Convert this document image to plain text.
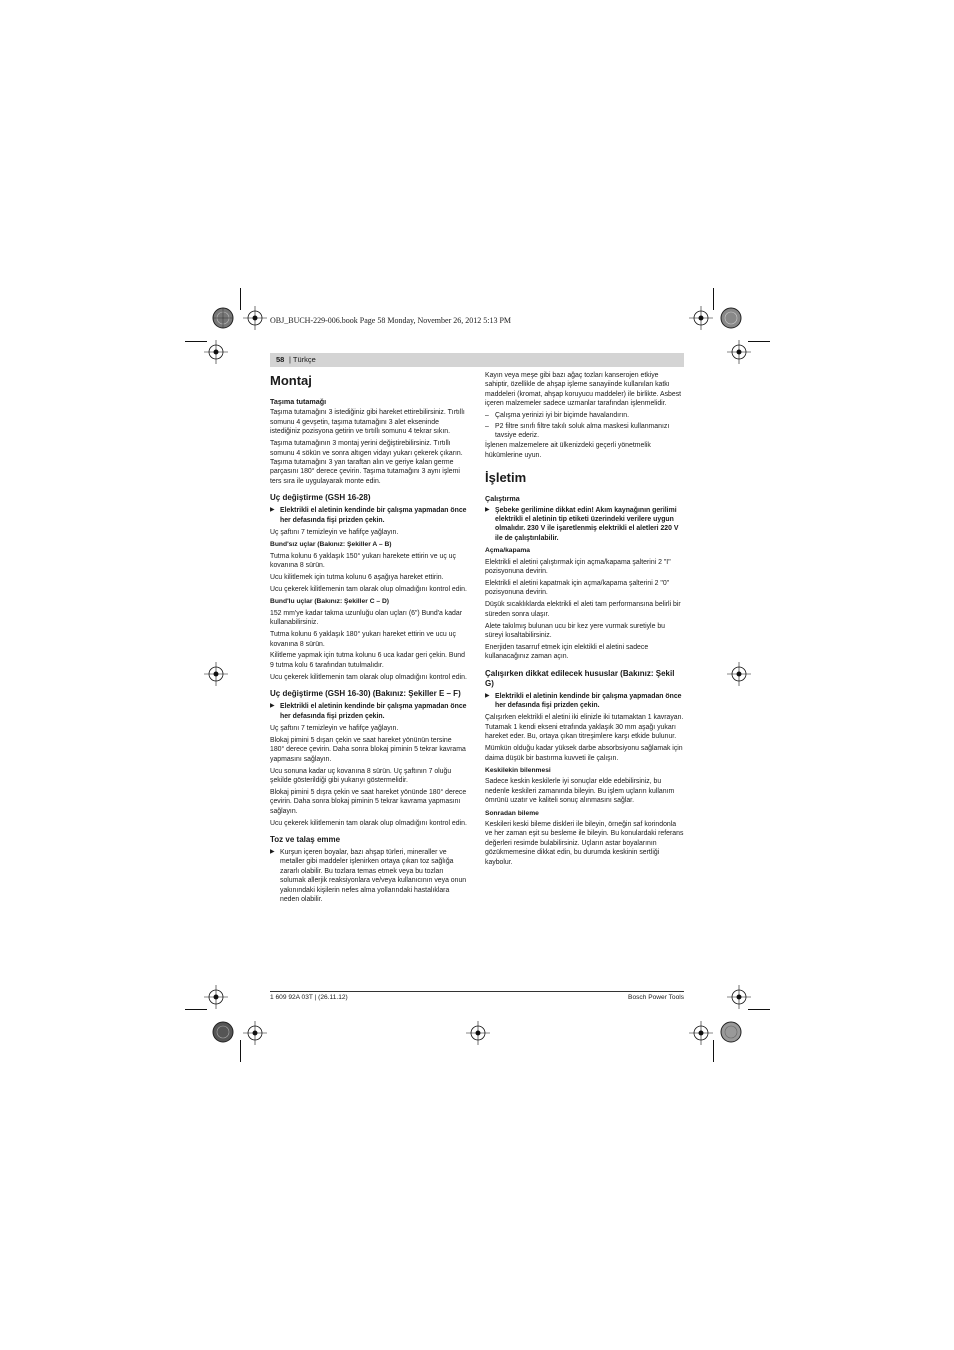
OBJ_BUCH-229-006.book Page 58 Monday, November 26, 2012 5:13 PM
58 | Türkçe
Montaj
Taşıma tutamağı

Taşıma tutamağını 3 istediğiniz gibi hareket ettirebilirsiniz. Tırtıllı somunu 4 gevşetin, taşıma tutamağını 3 alet ekseninde istediğiniz pozisyona getirin ve tırtıllı somunu 4 tekrar sıkın.

Taşıma tutamağının 3 montaj yerini değiştirebilirsiniz. Tırtıllı somunu 4 sökün ve sonra altıgen vidayı yukarı çekerek çıkarın. Taşıma tutamağını 3 yan taraftan alın ve geriye kalan germe parçasını 180° derece çevirin. Taşıma tutamağını 3 aynı işlemi ters sıra ile uygulayarak monte edin.

Uç değiştirme (GSH 16-28)
▶ Elektrikli el aletinin kendinde bir çalışma yapmadan önce her defasında fişi prizden çekin.

Uç şaftını 7 temizleyin ve hafifçe yağlayın.

Bund'sız uçlar (Bakınız: Şekiller A – B)

Tutma kolunu 6 yaklaşık 150° yukarı harekete ettirin ve uç uç kovanına 8 sürün.

Ucu kilitlemek için tutma kolunu 6 aşağıya hareket ettirin.

Ucu çekerek kilitlemenin tam olarak olup olmadığını kontrol edin.

Bund'lu uçlar (Bakınız: Şekiller C – D)

152 mm'ye kadar takma uzunluğu olan uçları (6") Bund'a kadar kullanabilirsiniz.

Tutma kolunu 6 yaklaşık 180° yukarı hareket ettirin ve ucu uç kovanına 8 sürün.

Kilitleme yapmak için tutma kolunu 6 uca kadar geri çekin. Bund 9 tutma kolu 6 tarafından tutulmalıdır.

Ucu çekerek kilitlemenin tam olarak olup olmadığını kontrol edin.

Uç değiştirme (GSH 16-30) (Bakınız: Şekiller E – F)
▶ Elektrikli el aletinin kendinde bir çalışma yapmadan önce her defasında fişi prizden çekin.

Uç şaftını 7 temizleyin ve hafifçe yağlayın.

Blokaj pimini 5 dışarı çekin ve saat hareket yönünün tersine 180° derece çevirin. Daha sonra blokaj piminin 5 tekrar kavrama yapmasını sağlayın.

Ucu sonuna kadar uç kovanına 8 sürün. Uç şaftının 7 oluğu şekilde gösterildiği gibi yukarıyı göstermelidir.

Blokaj pimini 5 dışra çekin ve saat hareket yönünde 180° derece çevirin. Daha sonra blokaj piminin 5 tekrar kavrama yapmasını sağlayın.

Ucu çekerek kilitlemenin tam olarak olup olmadığını kontrol edin.

Toz ve talaş emme
▶ Kurşun içeren boyalar, bazı ahşap türleri, mineraller ve metaller gibi maddeler işlenirken ortaya çıkan toz sağlığa zararlı olabilir. Bu tozlara temas etmek veya bu tozları solumak allerjik reaksiyonlara ve/veya kullanıcının veya onun yakınındaki kişilerin nefes alma yollarındaki hastalıklara neden olabilir.

Kayın veya meşe gibi bazı ağaç tozları kanserojen etkiye sahiptir, özellikle de ahşap işleme sanayiinde kullanılan katkı maddeleri (kromat, ahşap koruyucu maddeler) ile birlikte. Asbest içeren malzemeler sadece uzmanlar tarafından işlenmelidir.

– Çalışma yerinizi iyi bir biçimde havalandırın.
– P2 filtre sınıfı filtre takılı soluk alma maskesi kullanmanızı tavsiye ederiz.

İşlenen malzemelere ait ülkenizdeki geçerli yönetmelik hükümlerine uyun.

İşletim
Çalıştırma
▶ Şebeke gerilimine dikkat edin! Akım kaynağının gerilimi elektrikli el aletinin tip etiketi üzerindeki verilere uygun olmalıdır. 230 V ile işaretlenmiş elektrikli el aletleri 220 V ile de çalıştırılabilir.
Açma/kapama

Elektrikli el aletini çalıştırmak için açma/kapama şalterini 2 "I" pozisyonuna devirin.

Elektrikli el aletini kapatmak için açma/kapama şalterini 2 "0" pozisyonuna devirin.

Düşük sıcaklıklarda elektrikli el aleti tam performansına belirli bir süreden sonra ulaşır.

Alete takılmış bulunan ucu bir kez yere vurmak suretiyle bu süreyi kısaltabilirsiniz.

Enerjiden tasarruf etmek için elektikli el aletini sadece kullanacağınız zaman açın.

Çalışırken dikkat edilecek hususlar (Bakınız: Şekil G)
▶ Elektrikli el aletinin kendinde bir çalışma yapmadan önce her defasında fişi prizden çekin.

Çalışırken elektrikli el aletini iki elinizle iki tutamaktan 1 kavrayan. Tutamak 1 kendi ekseni etrafında yaklaşık 30 mm aşağı yukarı hareket eder. Bu, ortaya çıkan titreşimlere karşı etkide bulunur.

Mümkün olduğu kadar yüksek darbe absorbsiyonu sağlamak için daima düşük bir bastırma kuvveti ile çalışın.

Keskilekin bilenmesi

Sadece keskin keskilerle iyi sonuçlar elde edebilirsiniz, bu nedenle keskileri zamanında bileyin. Bu işlem uçların kullanım ömrünü uzatır ve kaliteli sonuç alınmasını sağlar.

Sonradan bileme

Keskileri keski bileme diskleri ile bileyin, örneğin saf korindonla ve her zaman eşit su besleme ile bileyin. Bu konulardaki referans değerleri resimde bulabilirsiniz. Uçların astar boyalarının gözükmemesine dikkat edin, bu durumda keskinin sertliği kaybolur.

1 609 92A 03T | (26.11.12)	Bosch Power Tools
